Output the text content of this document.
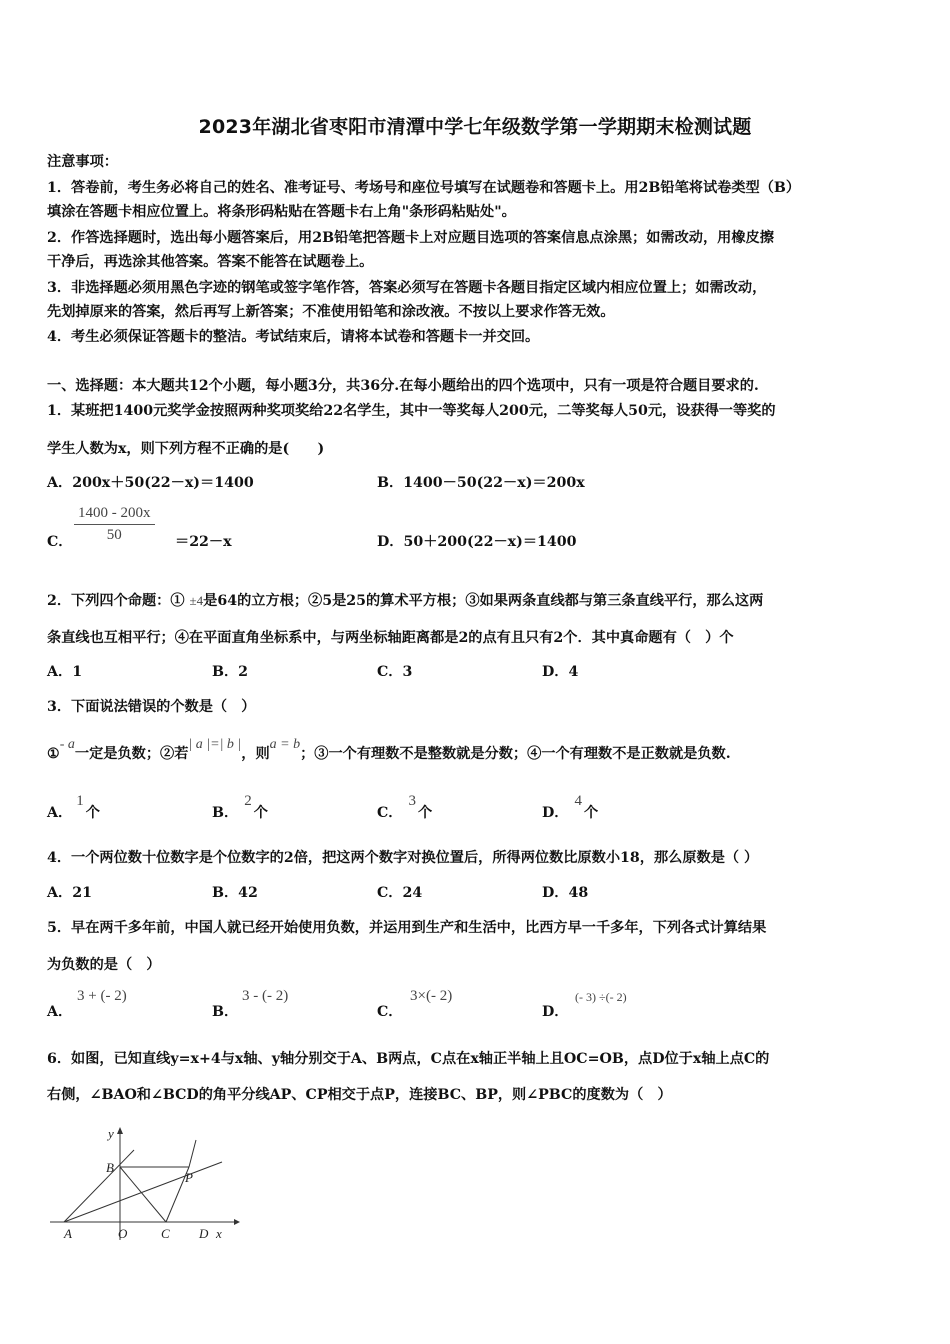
2023年湖北省枣阳市清潭中学七年级数学第一学期期末检测试题
注意事项：
1．答卷前，考生务必将自己的姓名、准考证号、考场号和座位号填写在试题卷和答题卡上。用2B铅笔将试卷类型（B）
填涂在答题卡相应位置上。将条形码粘贴在答题卡右上角"条形码粘贴处"。
2．作答选择题时，选出每小题答案后，用2B铅笔把答题卡上对应题目选项的答案信息点涂黑；如需改动，用橡皮擦
干净后，再选涂其他答案。答案不能答在试题卷上。
3．非选择题必须用黑色字迹的钢笔或签字笔作答，答案必须写在答题卡各题目指定区域内相应位置上；如需改动，
先划掉原来的答案，然后再写上新答案；不准使用铅笔和涂改液。不按以上要求作答无效。
4．考生必须保证答题卡的整洁。考试结束后，请将本试卷和答题卡一并交回。
一、选择题：本大题共12个小题，每小题3分，共36分.在每小题给出的四个选项中，只有一项是符合题目要求的.
1．某班把1400元奖学金按照两种奖项奖给22名学生，其中一等奖每人200元，二等奖每人50元，设获得一等奖的
学生人数为x，则下列方程不正确的是(　　)
A．200x＋50(22－x)＝1400	B．1400－50(22－x)＝200x
C． $\frac{1400 - 200x}{50} =22-x$	D．50＋200(22－x)＝1400
2．下列四个命题：① ±4是64的立方根；②5是25的算术平方根；③如果两条直线都与第三条直线平行，那么这两
条直线也互相平行；④在平面直角坐标系中，与两坐标轴距离都是2的点有且只有2个．其中真命题有（　）个
A．1	B．2	C．3	D．4
3．下面说法错误的个数是（　）
①- a一定是负数；②若| a |=| b |，则a = b；③一个有理数不是整数就是分数；④一个有理数不是正数就是负数.
A．1个	B．2个	C．3个	D．4个
4．一个两位数十位数字是个位数字的2倍，把这两个数字对换位置后，所得两位数比原数小18，那么原数是（ ）
A．21	B．42	C．24	D．48
5．早在两千多年前，中国人就已经开始使用负数，并运用到生产和生活中，比西方早一千多年，下列各式计算结果
为负数的是（　）
A．
3 + (- 2)
B．
3 - (- 2)
C．
3×(- 2)
D．
(- 3) ÷(- 2)
6．如图，已知直线y=x+4与x轴、y轴分别交于A、B两点，C点在x轴正半轴上且OC=OB，点D位于x轴上点C的
右侧，∠BAO和∠BCD的角平分线AP、CP相交于点P，连接BC、BP，则∠PBC的度数为（　）
y
B
P
A	O	C D x
